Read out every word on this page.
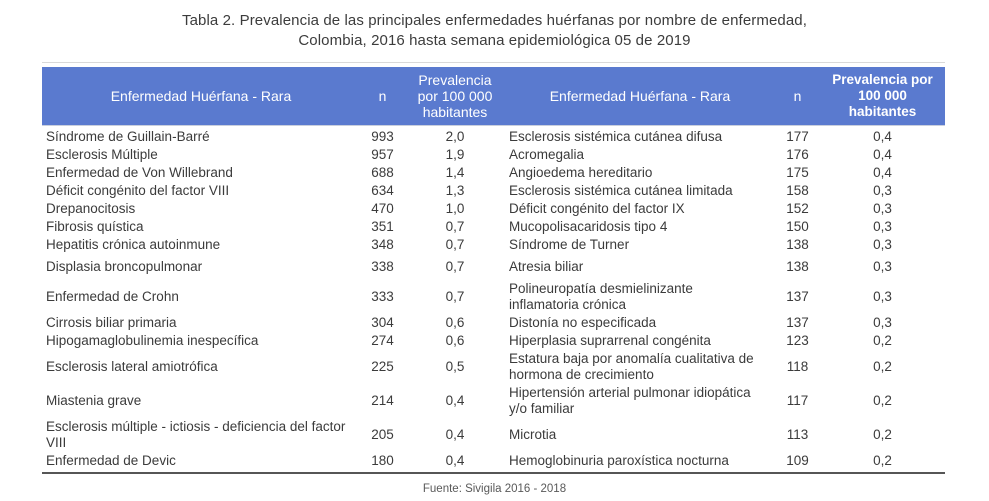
Tabla 2. Prevalencia de las principales enfermedades huérfanas por nombre de enfermedad,
Colombia, 2016 hasta semana epidemiológica 05 de 2019
Enfermedad Huérfana - Rara	n	Prevalencia por 100 000 habitantes	Enfermedad Huérfana - Rara	n	Prevalencia por 100 000 habitantes
Síndrome de Guillain-Barré	993	2,0	Esclerosis sistémica cutánea difusa	177	0,4
Esclerosis Múltiple	957	1,9	Acromegalia	176	0,4
Enfermedad de Von Willebrand	688	1,4	Angioedema hereditario	175	0,4
Déficit congénito del factor VIII	634	1,3	Esclerosis sistémica cutánea limitada	158	0,3
Drepanocitosis	470	1,0	Déficit congénito del factor IX	152	0,3
Fibrosis quística	351	0,7	Mucopolisacaridosis tipo 4	150	0,3
Hepatitis crónica autoinmune	348	0,7	Síndrome de Turner	138	0,3
Displasia broncopulmonar	338	0,7	Atresia biliar	138	0,3
Enfermedad de Crohn	333	0,7	Polineuropatía desmielinizante inflamatoria crónica	137	0,3
Cirrosis biliar primaria	304	0,6	Distonía no especificada	137	0,3
Hipogamaglobulinemia inespecífica	274	0,6	Hiperplasia suprarrenal congénita	123	0,2
Esclerosis lateral amiotrófica	225	0,5	Estatura baja por anomalía cualitativa de hormona de crecimiento	118	0,2
Miastenia grave	214	0,4	Hipertensión arterial pulmonar idiopática y/o familiar	117	0,2
Esclerosis múltiple - ictiosis - deficiencia del factor VIII	205	0,4	Microtia	113	0,2
Enfermedad de Devic	180	0,4	Hemoglobinuria paroxística nocturna	109	0,2
Fuente: Sivigila 2016 - 2018
